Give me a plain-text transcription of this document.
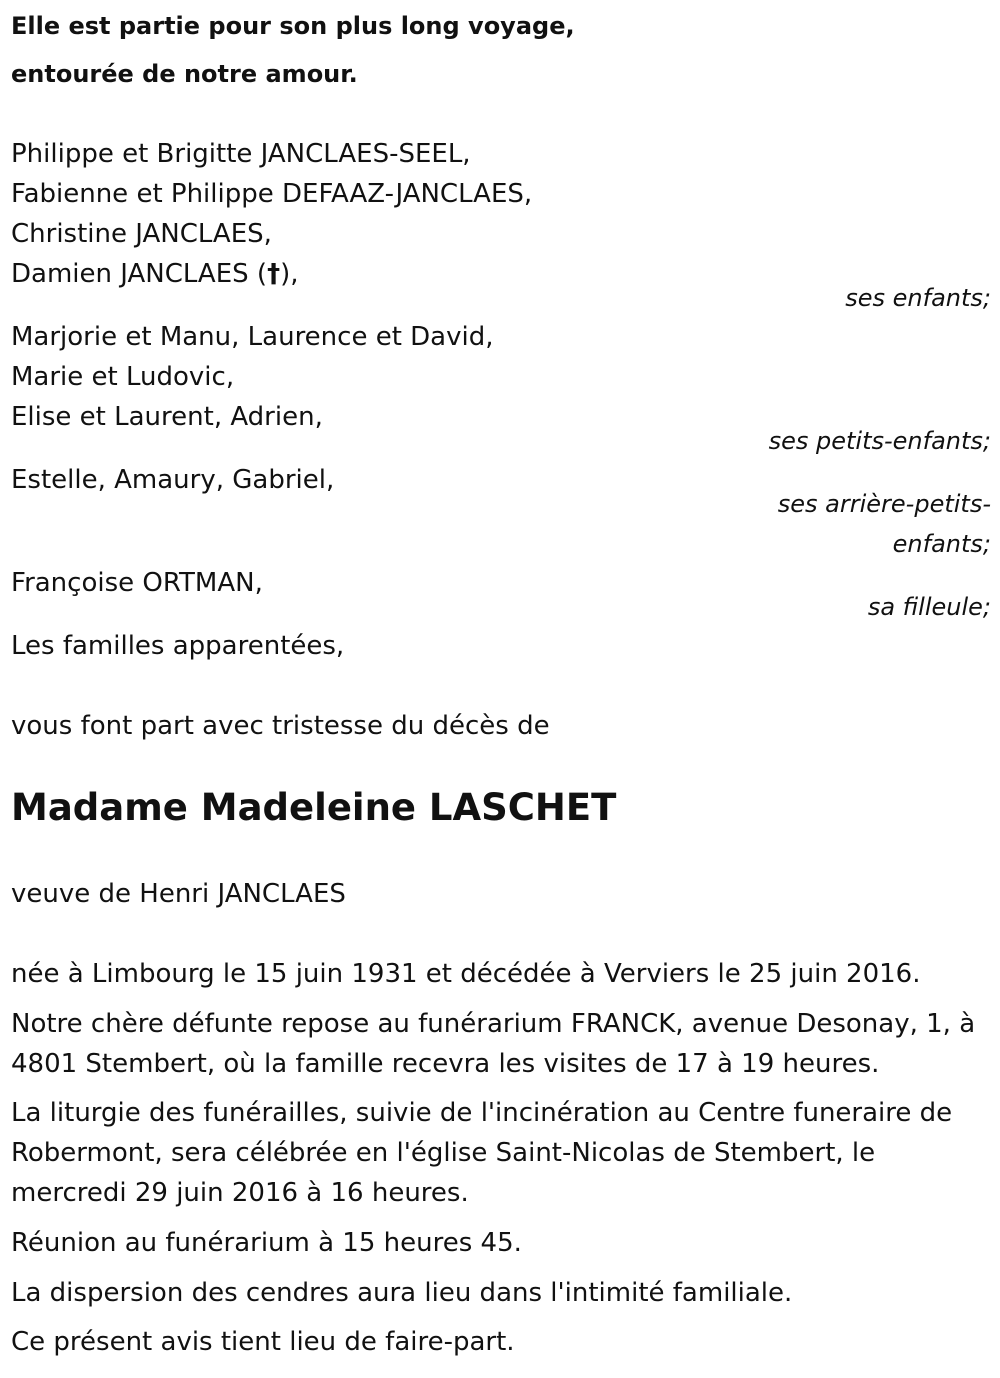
Elle est partie pour son plus long voyage,
entourée de notre amour.
Philippe et Brigitte JANCLAES-SEEL,
Fabienne et Philippe DEFAAZ-JANCLAES,
Christine JANCLAES,
Damien JANCLAES (†),
ses enfants;
Marjorie et Manu, Laurence et David,
Marie et Ludovic,
Elise et Laurent, Adrien,
ses petits-enfants;
Estelle, Amaury, Gabriel,
ses arrière-petits-
enfants;
Françoise ORTMAN,
sa filleule;
Les familles apparentées,
vous font part avec tristesse du décès de
Madame Madeleine LASCHET
veuve de Henri JANCLAES
née à Limbourg le 15 juin 1931 et décédée à Verviers le 25 juin 2016.
Notre chère défunte repose au funérarium FRANCK, avenue Desonay, 1, à
4801 Stembert, où la famille recevra les visites de 17 à 19 heures.
La liturgie des funérailles, suivie de l'incinération au Centre funeraire de
Robermont, sera célébrée en l'église Saint-Nicolas de Stembert, le
mercredi 29 juin 2016 à 16 heures.
Réunion au funérarium à 15 heures 45.
La dispersion des cendres aura lieu dans l'intimité familiale.
Ce présent avis tient lieu de faire-part.
